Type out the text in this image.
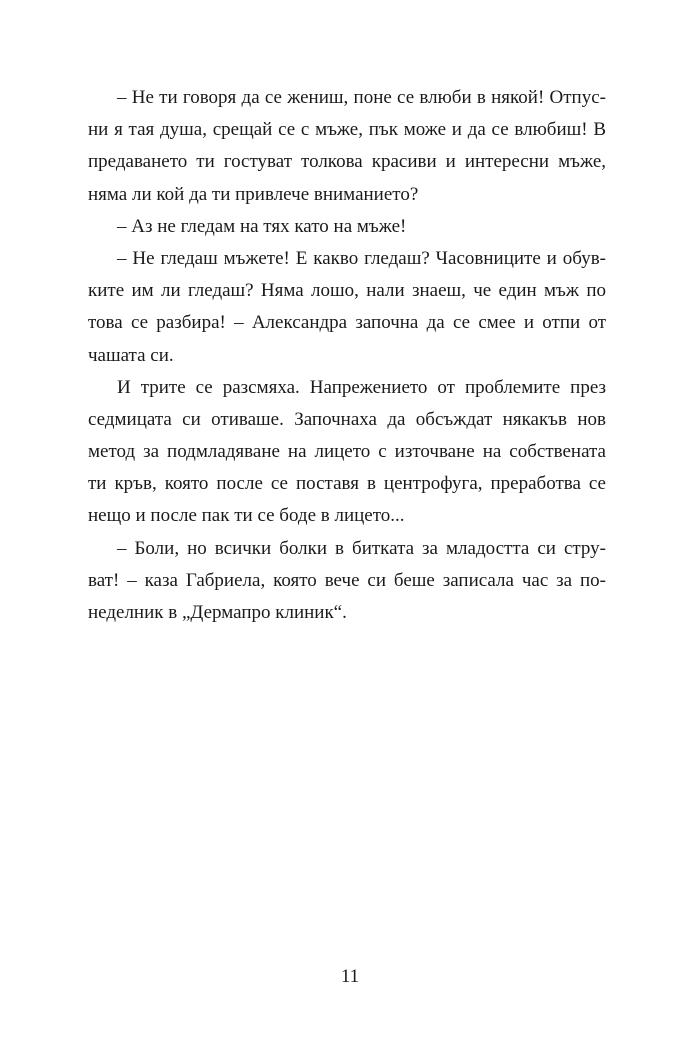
– Не ти говоря да се жениш, поне се влюби в някой! Отпус-
ни я тая душа, срещай се с мъже, пък може и да се влюбиш! В
предаването ти гостуват толкова красиви и интересни мъже,
няма ли кой да ти привлече вниманието?
– Аз не гледам на тях като на мъже!
– Не гледаш мъжете! Е какво гледаш? Часовниците и обув-
ките им ли гледаш? Няма лошо, нали знаеш, че един мъж по
това се разбира! – Александра започна да се смее и отпи от
чашата си.
И трите се разсмяха. Напрежението от проблемите през
седмицата си отиваше. Започнаха да обсъждат някакъв нов
метод за подмладяване на лицето с източване на собствената
ти кръв, която после се поставя в центрофуга, преработва се
нещо и после пак ти се боде в лицето...
– Боли, но всички болки в битката за младостта си стру-
ват! – каза Габриела, която вече си беше записала час за по-
неделник в „Дермапро клиник“.
11
